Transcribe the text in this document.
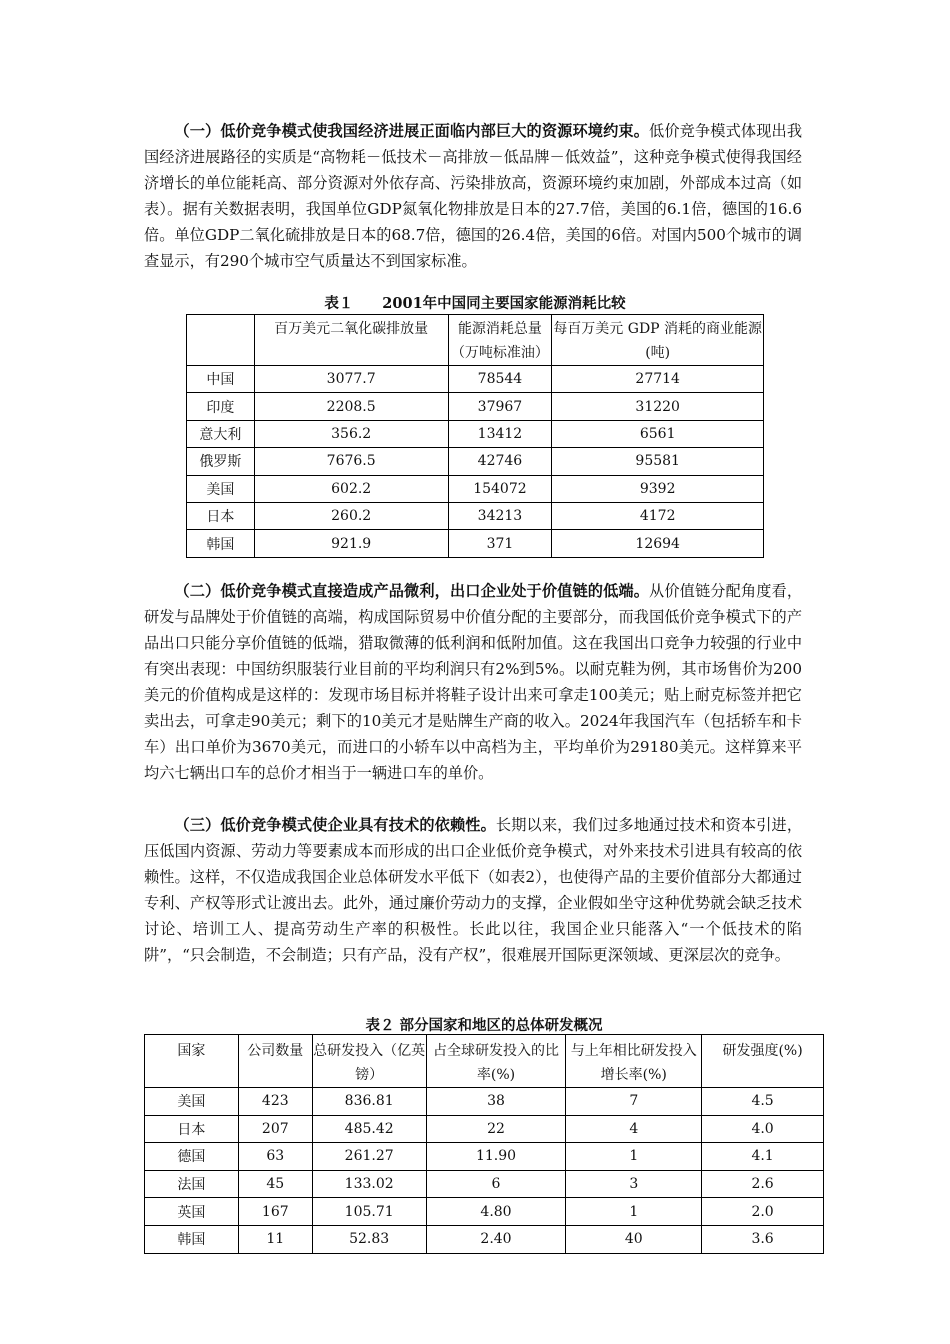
（一）低价竞争模式使我国经济进展正面临内部巨大的资源环境约束。低价竞争模式体现出我国经济进展路径的实质是“高物耗－低技术－高排放－低品牌－低效益”，这种竞争模式使得我国经济增长的单位能耗高、部分资源对外依存高、污染排放高，资源环境约束加剧，外部成本过高（如表）。据有关数据表明，我国单位GDP氮氧化物排放是日本的27.7倍，美国的6.1倍，德国的16.6倍。单位GDP二氧化硫排放是日本的68.7倍，德国的26.4倍，美国的6倍。对国内500个城市的调查显示，有290个城市空气质量达不到国家标准。

表１　　2001年中国同主要国家能源消耗比较
	百万美元二氧化碳排放量	能源消耗总量（万吨标准油）	每百万美元 GDP 消耗的商业能源(吨)
中国	3077.7	78544	27714
印度	2208.5	37967	31220
意大利	356.2	13412	6561
俄罗斯	7676.5	42746	95581
美国	602.2	154072	9392
日本	260.2	34213	4172
韩国	921.9	371	12694

（二）低价竞争模式直接造成产品微利，出口企业处于价值链的低端。从价值链分配角度看，研发与品牌处于价值链的高端，构成国际贸易中价值分配的主要部分，而我国低价竞争模式下的产品出口只能分享价值链的低端，猎取微薄的低利润和低附加值。这在我国出口竞争力较强的行业中有突出表现：中国纺织服装行业目前的平均利润只有2%到5%。以耐克鞋为例，其市场售价为200美元的价值构成是这样的：发现市场目标并将鞋子设计出来可拿走100美元；贴上耐克标签并把它卖出去，可拿走90美元；剩下的10美元才是贴牌生产商的收入。2024年我国汽车（包括轿车和卡车）出口单价为3670美元，而进口的小轿车以中高档为主，平均单价为29180美元。这样算来平均六七辆出口车的总价才相当于一辆进口车的单价。

（三）低价竞争模式使企业具有技术的依赖性。长期以来，我们过多地通过技术和资本引进，压低国内资源、劳动力等要素成本而形成的出口企业低价竞争模式，对外来技术引进具有较高的依赖性。这样，不仅造成我国企业总体研发水平低下（如表2），也使得产品的主要价值部分大都通过专利、产权等形式让渡出去。此外，通过廉价劳动力的支撑，企业假如坐守这种优势就会缺乏技术讨论、培训工人、提高劳动生产率的积极性。长此以往，我国企业只能落入“一个低技术的陷阱”，“只会制造，不会制造；只有产品，没有产权”，很难展开国际更深领域、更深层次的竞争。

表２ 部分国家和地区的总体研发概况
国家	公司数量	总研发投入（亿英镑）	占全球研发投入的比率(%)	与上年相比研发投入增长率(%)	研发强度(%)
美国	423	836.81	38	7	4.5
日本	207	485.42	22	4	4.0
德国	63	261.27	11.90	1	4.1
法国	45	133.02	6	3	2.6
英国	167	105.71	4.80	1	2.0
韩国	11	52.83	2.40	40	3.6
